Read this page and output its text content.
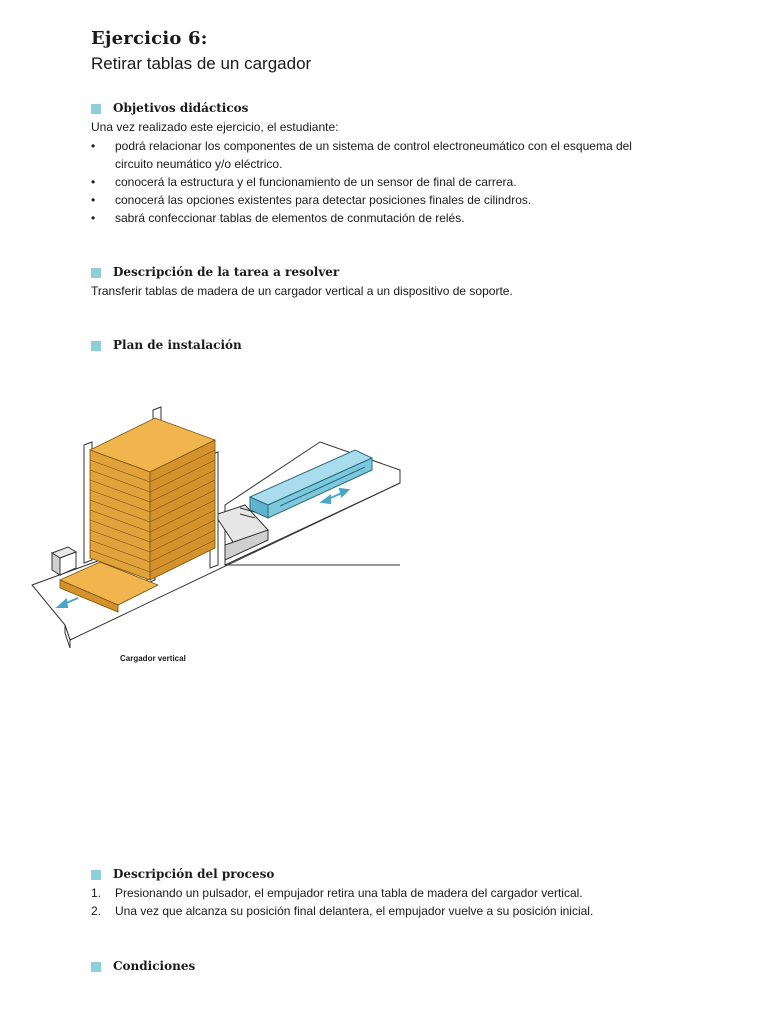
Ejercicio 6:
Retirar tablas de un cargador
Objetivos didácticos
Una vez realizado este ejercicio, el estudiante:
• podrá relacionar los componentes de un sistema de control electroneumático con el esquema del circuito neumático y/o eléctrico.
• conocerá la estructura y el funcionamiento de un sensor de final de carrera.
• conocerá las opciones existentes para detectar posiciones finales de cilindros.
• sabrá confeccionar tablas de elementos de conmutación de relés.
Descripción de la tarea a resolver
Transferir tablas de madera de un cargador vertical a un dispositivo de soporte.
Plan de instalación
Cargador vertical
Descripción del proceso
1. Presionando un pulsador, el empujador retira una tabla de madera del cargador vertical.
2. Una vez que alcanza su posición final delantera, el empujador vuelve a su posición inicial.
Condiciones
